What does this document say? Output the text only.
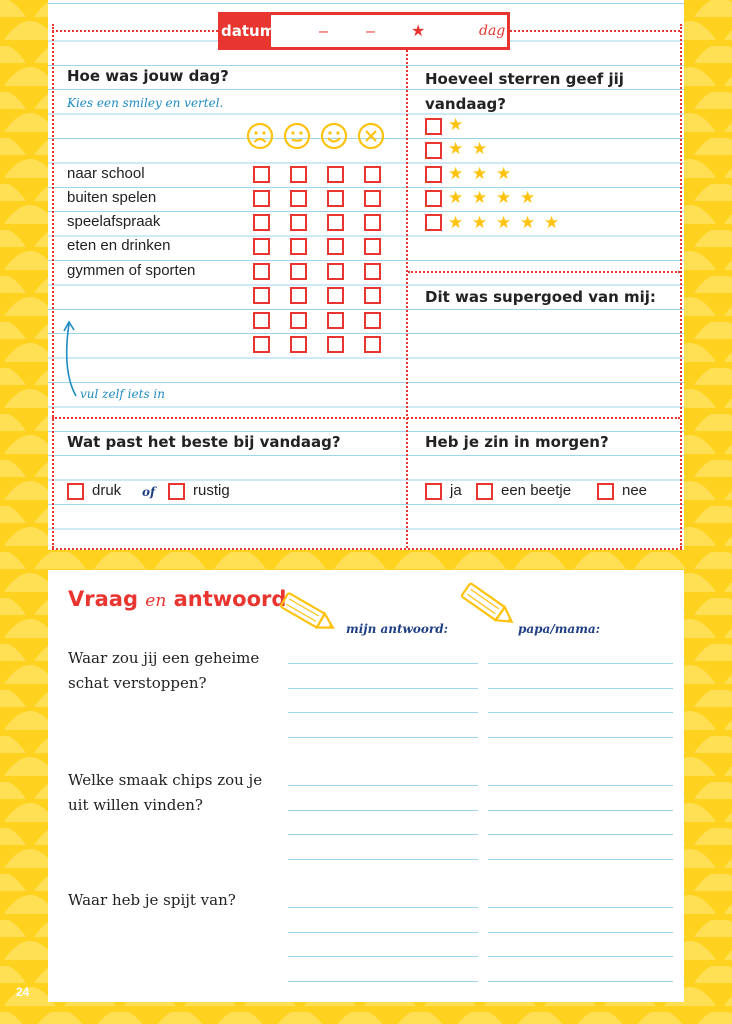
datum	– – ★	dag
Hoe was jouw dag?
Kies een smiley en vertel.
naar school
buiten spelen
speelafspraak
eten en drinken
gymmen of sporten
vul zelf iets in
Hoeveel sterren geef jij vandaag?
★
★ ★
★ ★ ★
★ ★ ★ ★
★ ★ ★ ★ ★
Dit was supergoed van mij:
Wat past het beste bij vandaag?
druk of	rustig
Heb je zin in morgen?
ja	een beetje	nee
Vraag en antwoord
mijn antwoord:	papa/mama:
Waar zou jij een geheime schat verstoppen?
Welke smaak chips zou je uit willen vinden?
Waar heb je spijt van?
24
